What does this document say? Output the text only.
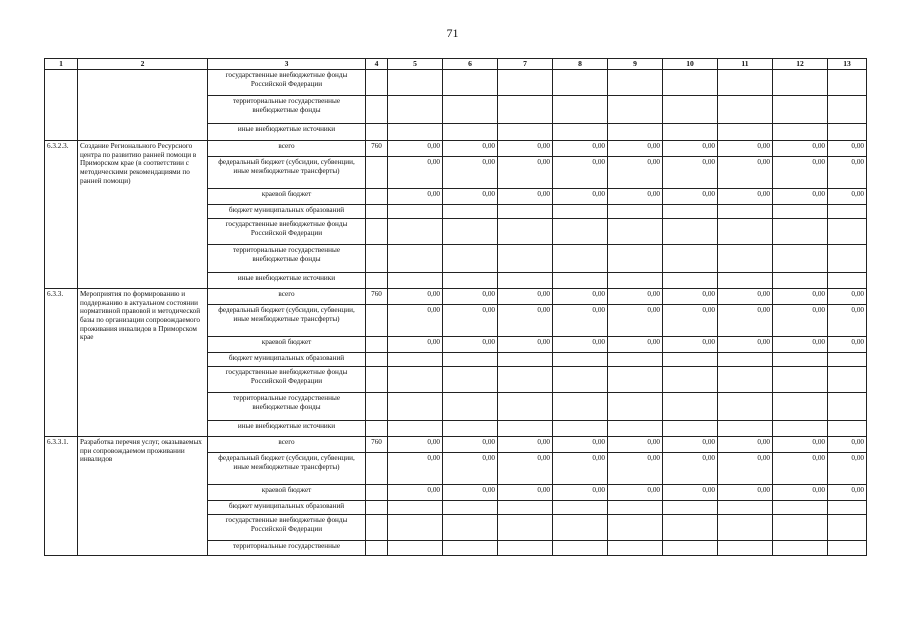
71
1	2	3	4	5	6	7	8	9	10	11	12	13
		государственные внебюджетные фонды Российской Федерации										
		территориальные государственные внебюджетные фонды										
		иные внебюджетные источники										
6.3.2.3.	Создание Регионального Ресурсного центра по развитию ранней помощи в Приморском крае (в соответствии с методическими рекомендациями по ранней помощи)	всего	760	0,00	0,00	0,00	0,00	0,00	0,00	0,00	0,00	0,00
		федеральный бюджет (субсидии, субвенции, иные межбюджетные трансферты)		0,00	0,00	0,00	0,00	0,00	0,00	0,00	0,00	0,00
		краевой бюджет		0,00	0,00	0,00	0,00	0,00	0,00	0,00	0,00	0,00
		бюджет муниципальных образований										
		государственные внебюджетные фонды Российской Федерации										
		территориальные государственные внебюджетные фонды										
		иные внебюджетные источники										
6.3.3.	Мероприятия по формированию и поддержанию в актуальном состоянии нормативной правовой и методической базы по организации сопровождаемого проживания инвалидов в Приморском крае	всего	760	0,00	0,00	0,00	0,00	0,00	0,00	0,00	0,00	0,00
		федеральный бюджет (субсидии, субвенции, иные межбюджетные трансферты)		0,00	0,00	0,00	0,00	0,00	0,00	0,00	0,00	0,00
		краевой бюджет		0,00	0,00	0,00	0,00	0,00	0,00	0,00	0,00	0,00
		бюджет муниципальных образований										
		государственные внебюджетные фонды Российской Федерации										
		территориальные государственные внебюджетные фонды										
		иные внебюджетные источники										
6.3.3.1.	Разработка перечня услуг, оказываемых при сопровождаемом проживании инвалидов	всего	760	0,00	0,00	0,00	0,00	0,00	0,00	0,00	0,00	0,00
		федеральный бюджет (субсидии, субвенции, иные межбюджетные трансферты)		0,00	0,00	0,00	0,00	0,00	0,00	0,00	0,00	0,00
		краевой бюджет		0,00	0,00	0,00	0,00	0,00	0,00	0,00	0,00	0,00
		бюджет муниципальных образований										
		государственные внебюджетные фонды Российской Федерации										
		территориальные государственные										
